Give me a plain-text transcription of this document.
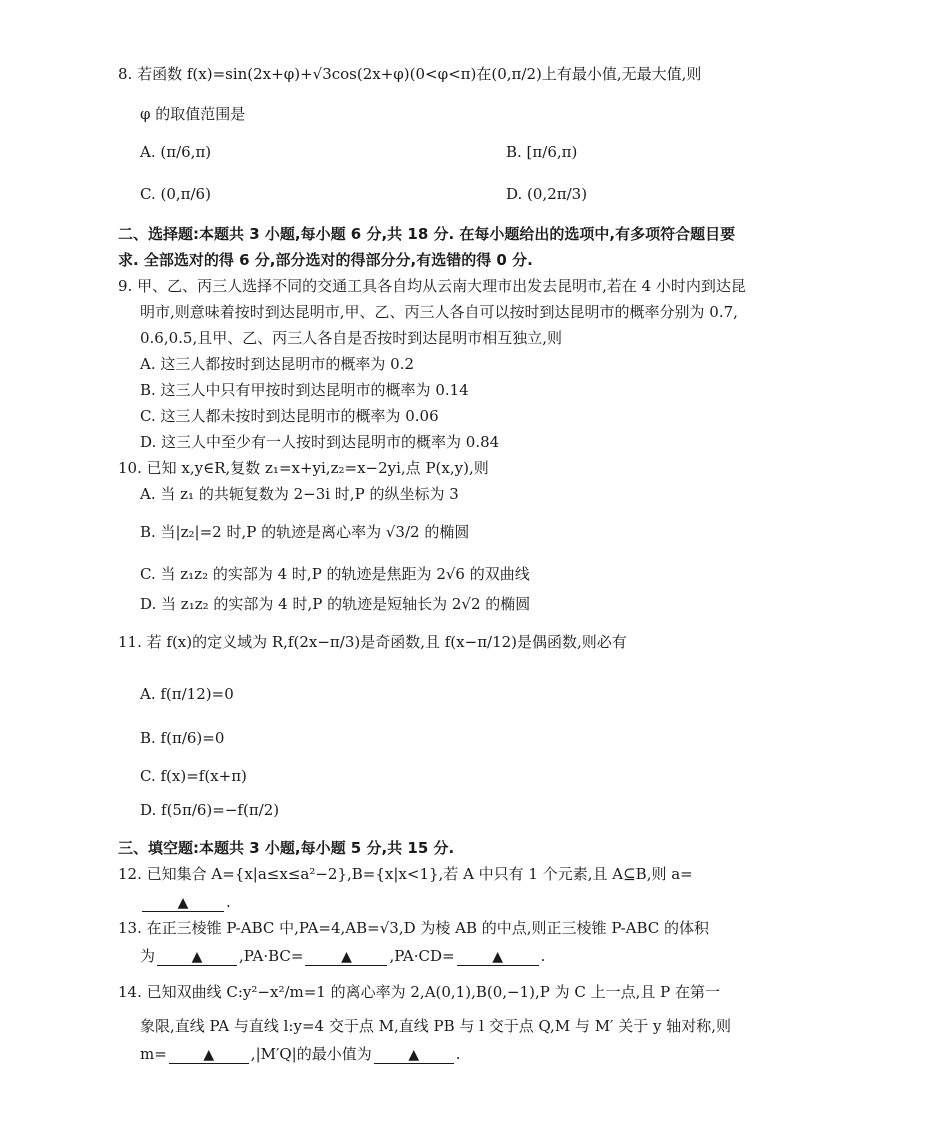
8. 若函数 f(x)=sin(2x+φ)+√3cos(2x+φ)(0<φ<π)在(0,π/2)上有最小值,无最大值,则
φ 的取值范围是
A. (π/6,π)	B. [π/6,π)
C. (0,π/6)	D. (0,2π/3)
二、选择题:本题共 3 小题,每小题 6 分,共 18 分. 在每小题给出的选项中,有多项符合题目要
求. 全部选对的得 6 分,部分选对的得部分分,有选错的得 0 分.
9. 甲、乙、丙三人选择不同的交通工具各自均从云南大理市出发去昆明市,若在 4 小时内到达昆
明市,则意味着按时到达昆明市,甲、乙、丙三人各自可以按时到达昆明市的概率分别为 0.7,
0.6,0.5,且甲、乙、丙三人各自是否按时到达昆明市相互独立,则
A. 这三人都按时到达昆明市的概率为 0.2
B. 这三人中只有甲按时到达昆明市的概率为 0.14
C. 这三人都未按时到达昆明市的概率为 0.06
D. 这三人中至少有一人按时到达昆明市的概率为 0.84
10. 已知 x,y∈R,复数 z₁=x+yi,z₂=x−2yi,点 P(x,y),则
A. 当 z₁ 的共轭复数为 2−3i 时,P 的纵坐标为 3
B. 当|z₂|=2 时,P 的轨迹是离心率为 √3/2 的椭圆
C. 当 z₁z₂ 的实部为 4 时,P 的轨迹是焦距为 2√6 的双曲线
D. 当 z₁z₂ 的实部为 4 时,P 的轨迹是短轴长为 2√2 的椭圆
11. 若 f(x)的定义域为 R,f(2x−π/3)是奇函数,且 f(x−π/12)是偶函数,则必有
A. f(π/12)=0
B. f(π/6)=0
C. f(x)=f(x+π)
D. f(5π/6)=−f(π/2)
三、填空题:本题共 3 小题,每小题 5 分,共 15 分.
12. 已知集合 A={x|a≤x≤a²−2},B={x|x<1},若 A 中只有 1 个元素,且 A⊆B,则 a=
▲	.
13. 在正三棱锥 P-ABC 中,PA=4,AB=√3,D 为棱 AB 的中点,则正三棱锥 P-ABC 的体积
为	▲ ,PA·BC=	▲	,PA·CD=	▲	.
14. 已知双曲线 C:y²−x²/m=1 的离心率为 2,A(0,1),B(0,−1),P 为 C 上一点,且 P 在第一
象限,直线 PA 与直线 l:y=4 交于点 M,直线 PB 与 l 交于点 Q,M 与 M′ 关于 y 轴对称,则
m=	▲ ,|M′Q|的最小值为	▲ .
